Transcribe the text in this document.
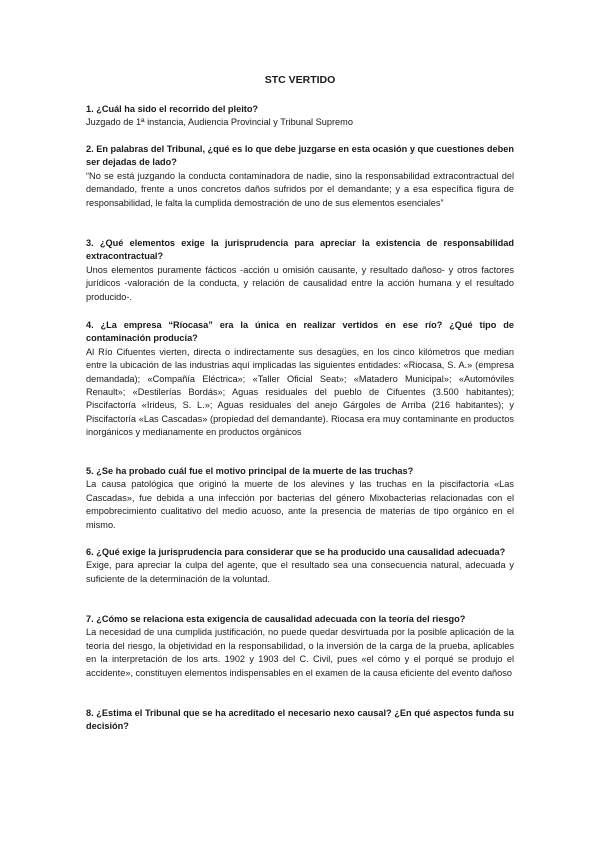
STC VERTIDO

1. ¿Cuál ha sido el recorrido del pleito?

Juzgado de 1ª instancia, Audiencia Provincial y Tribunal Supremo

2. En palabras del Tribunal, ¿qué es lo que debe juzgarse en esta ocasión y que cuestiones deben ser dejadas de lado?

“No se está juzgando la conducta contaminadora de nadie, sino la responsabilidad extracontractual del demandado, frente a unos concretos daños sufridos por el demandante; y a esa específica figura de responsabilidad, le falta la cumplida demostración de uno de sus elementos esenciales”

3. ¿Qué elementos exige la jurisprudencia para apreciar la existencia de responsabilidad extracontractual?

Unos elementos puramente fácticos -acción u omisión causante, y resultado dañoso- y otros factores jurídicos -valoración de la conducta, y relación de causalidad entre la acción humana y el resultado producido-.

4. ¿La empresa “Ríocasa” era la única en realizar vertidos en ese río? ¿Qué tipo de contaminación producía?

Al Río Cifuentes vierten, directa o indirectamente sus desagües, en los cinco kilómetros que median entre la ubicación de las industrias aquí implicadas las siguientes entidades: «Riocasa, S. A.» (empresa demandada); «Compañía Eléctrica»; «Taller Oficial Seat»; «Matadero Municipal»; «Automóviles Renault»; «Destilerías Bordás»; Aguas residuales del pueblo de Cifuentes (3.500 habitantes); Piscifactoría «Irideus, S. L.»; Aguas residuales del anejo Gárgoles de Arriba (216 habitantes); y Piscifactoría «Las Cascadas» (propiedad del demandante). Riocasa era muy contaminante en productos inorgánicos y medianamente en productos orgánicos

5. ¿Se ha probado cuál fue el motivo principal de la muerte de las truchas?

La causa patológica que originó la muerte de los alevines y las truchas en la piscifactoría «Las Cascadas», fue debida a una infección por bacterias del género Mixobacterias relacionadas con el empobrecimiento cualitativo del medio acuoso, ante la presencia de materias de tipo orgánico en el mismo.

6. ¿Qué exige la jurisprudencia para considerar que se ha producido una causalidad adecuada?

Exige, para apreciar la culpa del agente, que el resultado sea una consecuencia natural, adecuada y suficiente de la determinación de la voluntad.

7. ¿Cómo se relaciona esta exigencia de causalidad adecuada con la teoría del riesgo?

La necesidad de una cumplida justificación, no puede quedar desvirtuada por la posible aplicación de la teoría del riesgo, la objetividad en la responsabilidad, o la inversión de la carga de la prueba, aplicables en la interpretación de los arts. 1902 y 1903 del C. Civil, pues «el cómo y el porqué se produjo el accidente», constituyen elementos indispensables en el examen de la causa eficiente del evento dañoso

8. ¿Estima el Tribunal que se ha acreditado el necesario nexo causal? ¿En qué aspectos funda su decisión?
